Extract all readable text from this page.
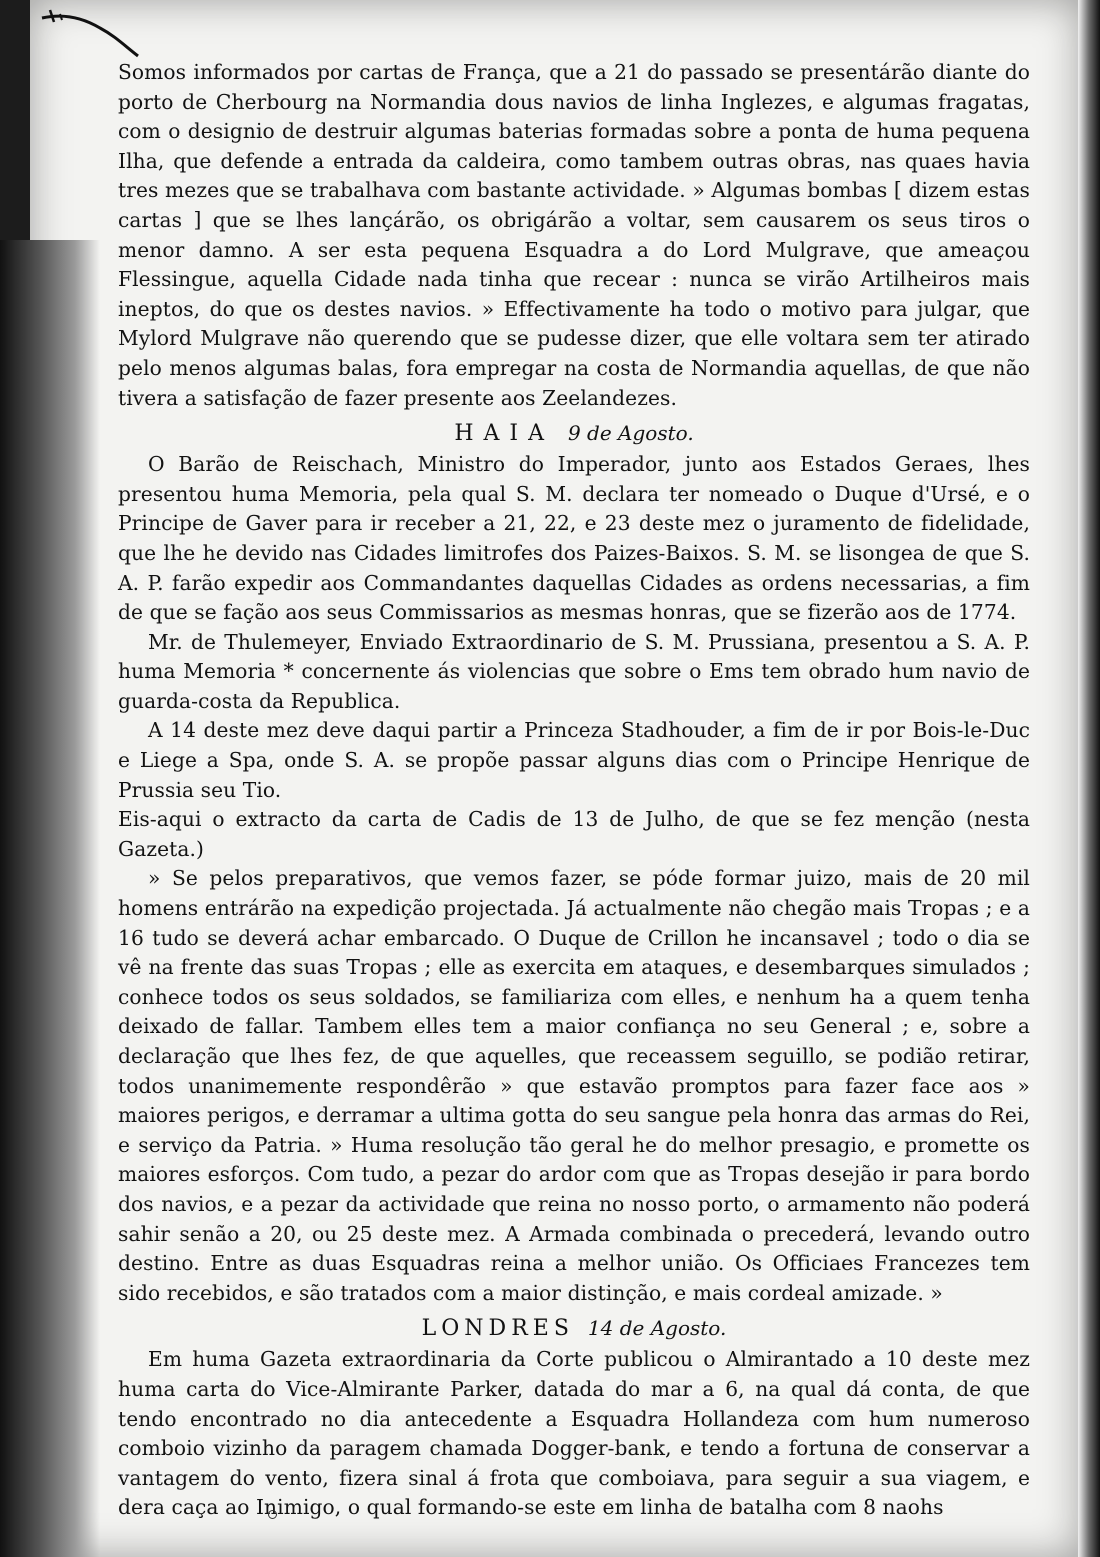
Somos informados por cartas de França, que a 21 do passado se presentárão diante do porto de Cherbourg na Normandia dous navios de linha Inglezes, e algumas fragatas, com o designio de destruir algumas baterias formadas sobre a ponta de huma pequena Ilha, que defende a entrada da caldeira, como tambem outras obras, nas quaes havia tres mezes que se trabalhava com bastante actividade. » Algumas bombas [ dizem estas cartas ] que se lhes lançárão, os obrigárão a voltar, sem causarem os seus tiros o menor damno. A ser esta pequena Esquadra a do Lord Mulgrave, que ameaçou Flessingue, aquella Cidade nada tinha que recear : nunca se virão Artilheiros mais ineptos, do que os destes navios. » Effectivamente ha todo o motivo para julgar, que Mylord Mulgrave não querendo que se pudesse dizer, que elle voltara sem ter atirado pelo menos algumas balas, fora empregar na costa de Normandia aquellas, de que não tivera a satisfação de fazer presente aos Zeelandezes.

HAIA 9 de Agosto.

O Barão de Reischach, Ministro do Imperador, junto aos Estados Geraes, lhes presentou huma Memoria, pela qual S. M. declara ter nomeado o Duque d'Ursé, e o Principe de Gaver para ir receber a 21, 22, e 23 deste mez o juramento de fidelidade, que lhe he devido nas Cidades limitrofes dos Paizes-Baixos. S. M. se lisongea de que S. A. P. farão expedir aos Commandantes daquellas Cidades as ordens necessarias, a fim de que se fação aos seus Commissarios as mesmas honras, que se fizerão aos de 1774.

Mr. de Thulemeyer, Enviado Extraordinario de S. M. Prussiana, presentou a S. A. P. huma Memoria * concernente ás violencias que sobre o Ems tem obrado hum navio de guarda-costa da Republica.

A 14 deste mez deve daqui partir a Princeza Stadhouder, a fim de ir por Bois-le-Duc e Liege a Spa, onde S. A. se propõe passar alguns dias com o Principe Henrique de Prussia seu Tio.

Eis-aqui o extracto da carta de Cadis de 13 de Julho, de que se fez menção (nesta Gazeta.)

» Se pelos preparativos, que vemos fazer, se póde formar juizo, mais de 20 mil homens entrárão na expedição projectada. Já actualmente não chegão mais Tropas ; e a 16 tudo se deverá achar embarcado. O Duque de Crillon he incansavel ; todo o dia se vê na frente das suas Tropas ; elle as exercita em ataques, e desembarques simulados ; conhece todos os seus soldados, se familiariza com elles, e nenhum ha a quem tenha deixado de fallar. Tambem elles tem a maior confiança no seu General ; e, sobre a declaração que lhes fez, de que aquelles, que receassem seguillo, se podião retirar, todos unanimemente respondêrão » que estavão promptos para fazer face aos » maiores perigos, e derramar a ultima gotta do seu sangue pela honra das armas do Rei, e serviço da Patria. » Huma resolução tão geral he do melhor presagio, e promette os maiores esforços. Com tudo, a pezar do ardor com que as Tropas desejão ir para bordo dos navios, e a pezar da actividade que reina no nosso porto, o armamento não poderá sahir senão a 20, ou 25 deste mez. A Armada combinada o precederá, levando outro destino. Entre as duas Esquadras reina a melhor união. Os Officiaes Francezes tem sido recebidos, e são tratados com a maior distinção, e mais cordeal amizade. »

LONDRES 14 de Agosto.

Em huma Gazeta extraordinaria da Corte publicou o Almirantado a 10 deste mez huma carta do Vice-Almirante Parker, datada do mar a 6, na qual dá conta, de que tendo encontrado no dia antecedente a Esquadra Hollandeza com hum numeroso comboio vizinho da paragem chamada Dogger-bank, e tendo a fortuna de conservar a vantagem do vento, fizera sinal á frota que comboiava, para seguir a sua viagem, e dera caça ao Inimigo, o qual formando-se este em linha de batalha com 8 naohs
